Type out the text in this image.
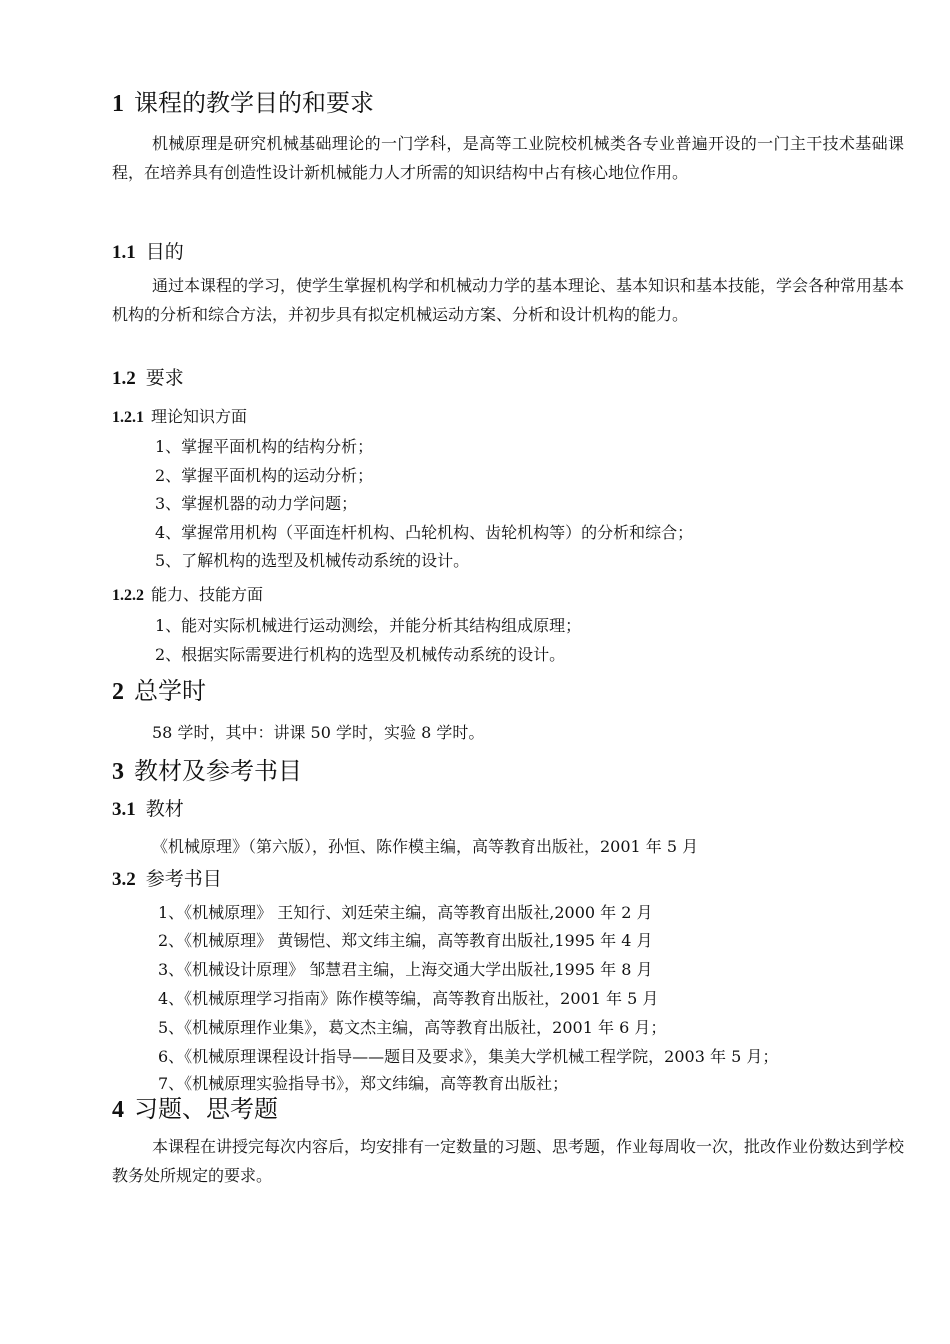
1 课程的教学目的和要求
机械原理是研究机械基础理论的一门学科，是高等工业院校机械类各专业普遍开设的一门主干技术基础课程，在培养具有创造性设计新机械能力人才所需的知识结构中占有核心地位作用。
1.1 目的
通过本课程的学习，使学生掌握机构学和机械动力学的基本理论、基本知识和基本技能，学会各种常用基本机构的分析和综合方法，并初步具有拟定机械运动方案、分析和设计机构的能力。
1.2 要求
1.2.1 理论知识方面
1、掌握平面机构的结构分析；
2、掌握平面机构的运动分析；
3、掌握机器的动力学问题；
4、掌握常用机构（平面连杆机构、凸轮机构、齿轮机构等）的分析和综合；
5、了解机构的选型及机械传动系统的设计。
1.2.2 能力、技能方面
1、能对实际机械进行运动测绘，并能分析其结构组成原理；
2、根据实际需要进行机构的选型及机械传动系统的设计。
2 总学时
58 学时，其中：讲课 50 学时，实验 8 学时。
3 教材及参考书目
3.1 教材
《机械原理》（第六版），孙恒、陈作模主编，高等教育出版社，2001 年 5 月
3.2 参考书目
1、《机械原理》 王知行、刘廷荣主编，高等教育出版社,2000 年 2 月
2、《机械原理》 黄锡恺、郑文纬主编，高等教育出版社,1995 年 4 月
3、《机械设计原理》 邹慧君主编，上海交通大学出版社,1995 年 8 月
4、《机械原理学习指南》陈作模等编，高等教育出版社，2001 年 5 月
5、《机械原理作业集》，葛文杰主编，高等教育出版社，2001 年 6 月；
6、《机械原理课程设计指导——题目及要求》，集美大学机械工程学院，2003 年 5 月；
7、《机械原理实验指导书》，郑文纬编，高等教育出版社；
4 习题、思考题
本课程在讲授完每次内容后，均安排有一定数量的习题、思考题，作业每周收一次，批改作业份数达到学校教务处所规定的要求。
